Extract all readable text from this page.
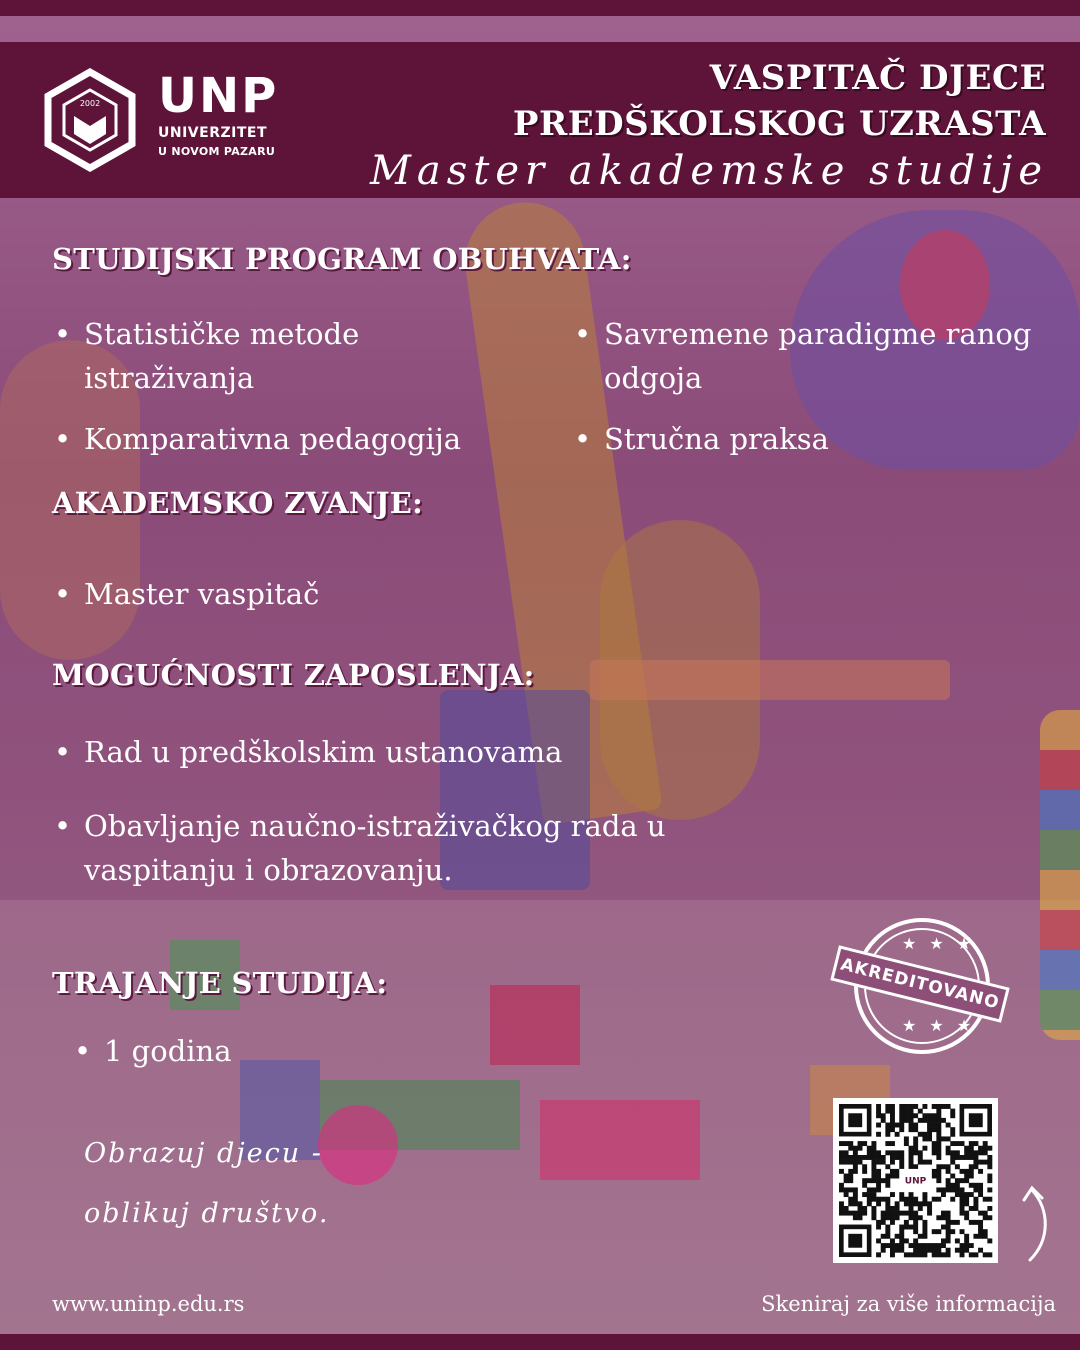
2002 UNP
UNIVERZITET
U NOVOM PAZARU
VASPITAČ DJECE
PREDŠKOLSKOG UZRASTA
Master akademske studije
STUDIJSKI PROGRAM OBUHVATA:
• Statističke metode istraživanja
• Savremene paradigme ranog odgoja
• Komparativna pedagogija	• Stručna praksa
AKADEMSKO ZVANJE:
• Master vaspitač
MOGUĆNOSTI ZAPOSLENJA:
• Rad u predškolskim ustanovama
• Obavljanje naučno-istraživačkog rada u vaspitanju i obrazovanju.
TRAJANJE STUDIJA:
• 1 godina
Obrazuj djecu -
oblikuj društvo.
★ ★ ★
AKREDITOVANO
★ ★ ★
UNP
www.uninp.edu.rs	Skeniraj za više informacija
